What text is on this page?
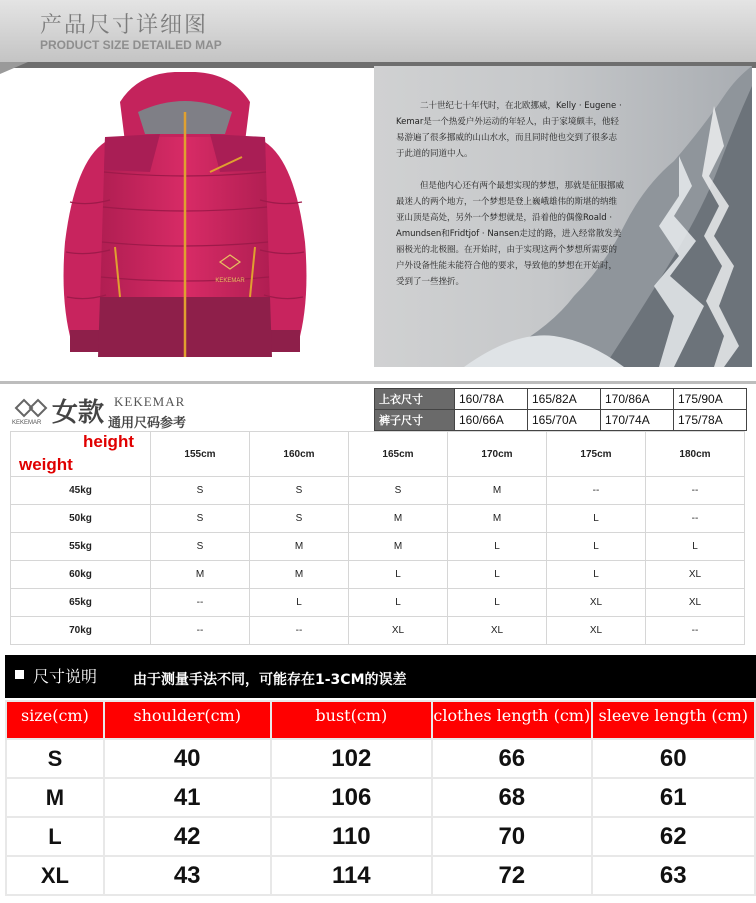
产品尺寸详细图
PRODUCT SIZE DETAILED MAP
KEKEMAR

二十世纪七十年代时，在北欧挪威，Kelly · Eugene · Kemar是一个热爱户外运动的年轻人，由于家境颇丰，他轻易游遍了很多挪威的山山水水，而且同时他也交到了很多志于此道的同道中人。

但是他内心还有两个最想实现的梦想，那就是征服挪威最迷人的两个地方，一个梦想是登上巍峨雄伟的斯堪的纳维亚山顶是高处，另外一个梦想就是，沿着他的偶像Roald · Amundsen和Fridtjof · Nansen走过的路，进入经常散发美丽极光的北极圈。在开始时，由于实现这两个梦想所需要的户外设备性能未能符合他的要求，导致他的梦想在开始时，受到了一些挫折。

KEKEMAR 女款 KEKEMAR
通用尺码参考
上衣尺寸	160/78A	165/82A	170/86A	175/90A
裤子尺寸	160/66A	165/70A	170/74A	175/78A
height
weight	155cm	160cm	165cm	170cm	175cm	180cm
45kg	S	S	S	M	--	--
50kg	S	S	M	M	L	--
55kg	S	M	M	L	L	L
60kg	M	M	L	L	L	XL
65kg	--	L	L	L	XL	XL
70kg	--	--	XL	XL	XL	--
尺寸说明	由于测量手法不同，可能存在1-3CM的误差
size(cm)	shoulder(cm)	bust(cm)	clothes length (cm)	sleeve length (cm)
S	40	102	66	60
M	41	106	68	61
L	42	110	70	62
XL	43	114	72	63
